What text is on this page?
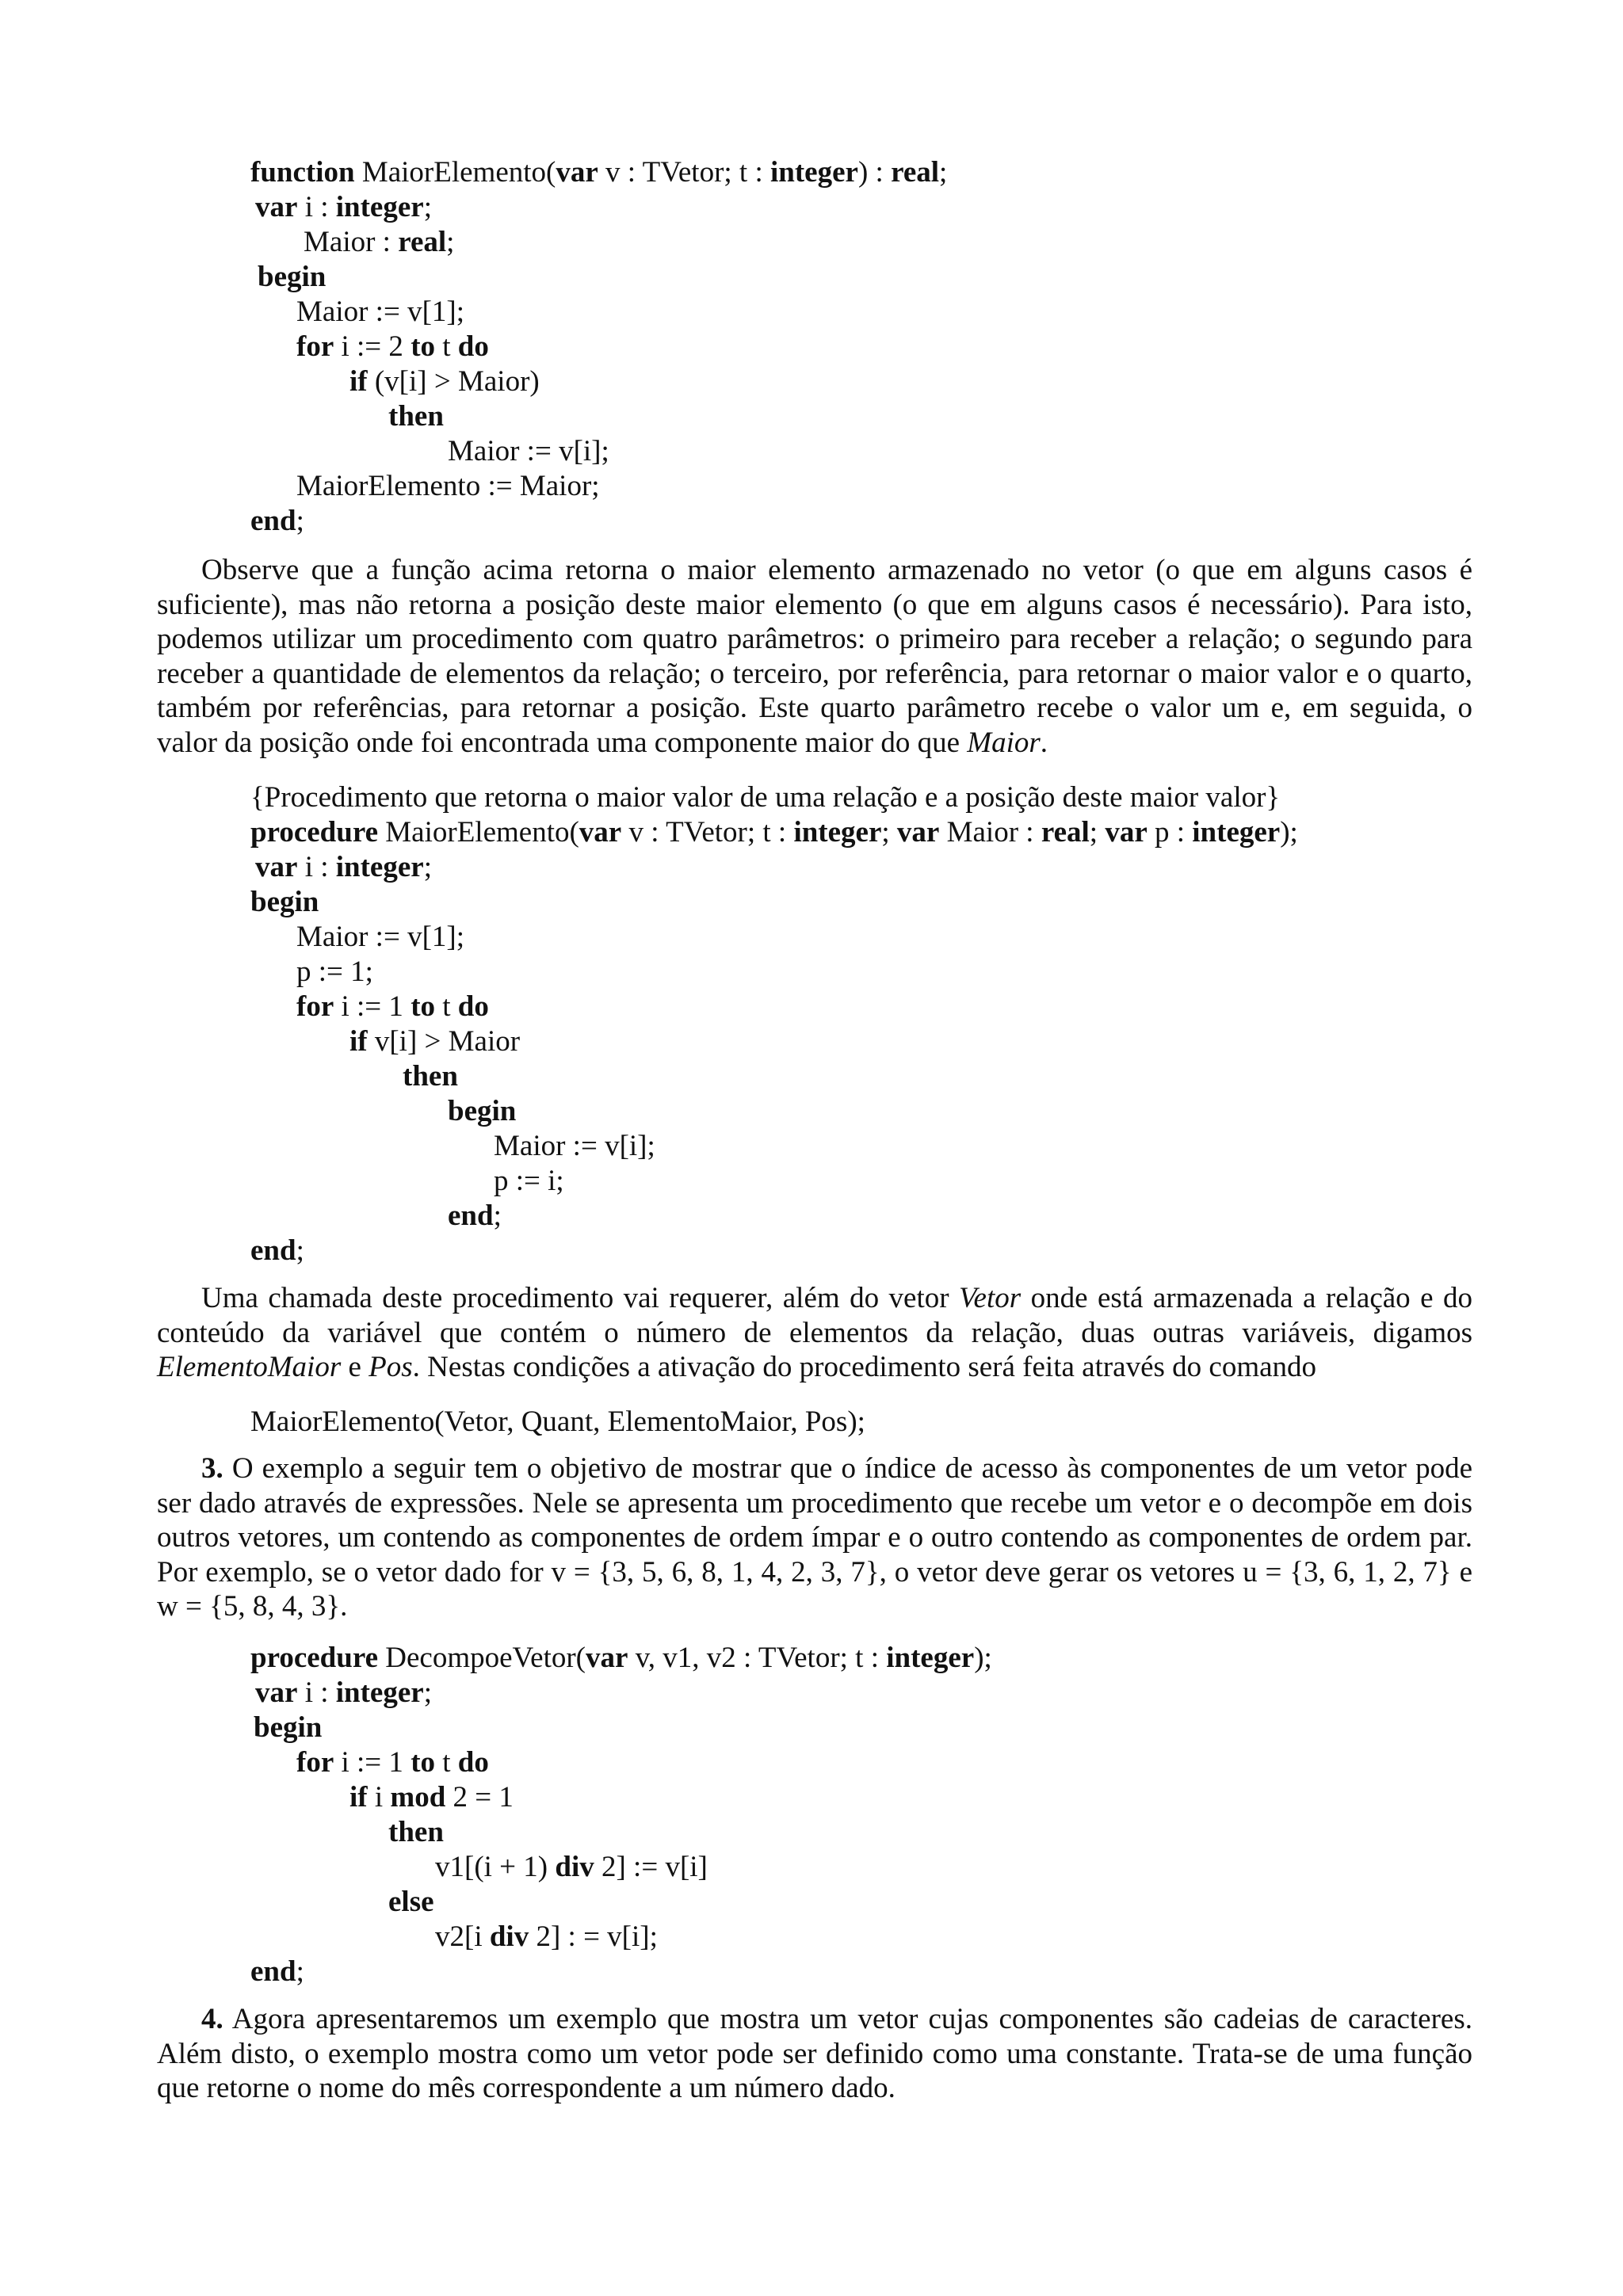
function MaiorElemento(var v : TVetor; t : integer) : real;
var i : integer;
Maior : real;
begin
Maior := v[1];
for i := 2 to t do
if (v[i] > Maior)
then
Maior := v[i];
MaiorElemento := Maior;
end;

Observe que a função acima retorna o maior elemento armazenado no vetor (o que em alguns casos é suficiente), mas não retorna a posição deste maior elemento (o que em alguns casos é necessário). Para isto, podemos utilizar um procedimento com quatro parâmetros: o primeiro para receber a relação; o segundo para receber a quantidade de elementos da relação; o terceiro, por referência, para retornar o maior valor e o quarto, também por referências, para retornar a posição. Este quarto parâmetro recebe o valor um e, em seguida, o valor da posição onde foi encontrada uma componente maior do que Maior.

{Procedimento que retorna o maior valor de uma relação e a posição deste maior valor}
procedure MaiorElemento(var v : TVetor; t : integer; var Maior : real; var p : integer);
var i : integer;
begin
Maior := v[1];
p := 1;
for i := 1 to t do
if v[i] > Maior
then
begin
Maior := v[i];
p := i;
end;
end;

Uma chamada deste procedimento vai requerer, além do vetor Vetor onde está armazenada a relação e do conteúdo da variável que contém o número de elementos da relação, duas outras variáveis, digamos ElementoMaior e Pos. Nestas condições a ativação do procedimento será feita através do comando

MaiorElemento(Vetor, Quant, ElementoMaior, Pos);

3. O exemplo a seguir tem o objetivo de mostrar que o índice de acesso às componentes de um vetor pode ser dado através de expressões. Nele se apresenta um procedimento que recebe um vetor e o decompõe em dois outros vetores, um contendo as componentes de ordem ímpar e o outro contendo as componentes de ordem par. Por exemplo, se o vetor dado for v = {3, 5, 6, 8, 1, 4, 2, 3, 7}, o vetor deve gerar os vetores u = {3, 6, 1, 2, 7} e w = {5, 8, 4, 3}.

procedure DecompoeVetor(var v, v1, v2 : TVetor; t : integer);
var i : integer;
begin
for i := 1 to t do
if i mod 2 = 1
then
v1[(i + 1) div 2] := v[i]
else
v2[i div 2] : = v[i];
end;

4. Agora apresentaremos um exemplo que mostra um vetor cujas componentes são cadeias de caracteres. Além disto, o exemplo mostra como um vetor pode ser definido como uma constante. Trata-se de uma função que retorne o nome do mês correspondente a um número dado.
